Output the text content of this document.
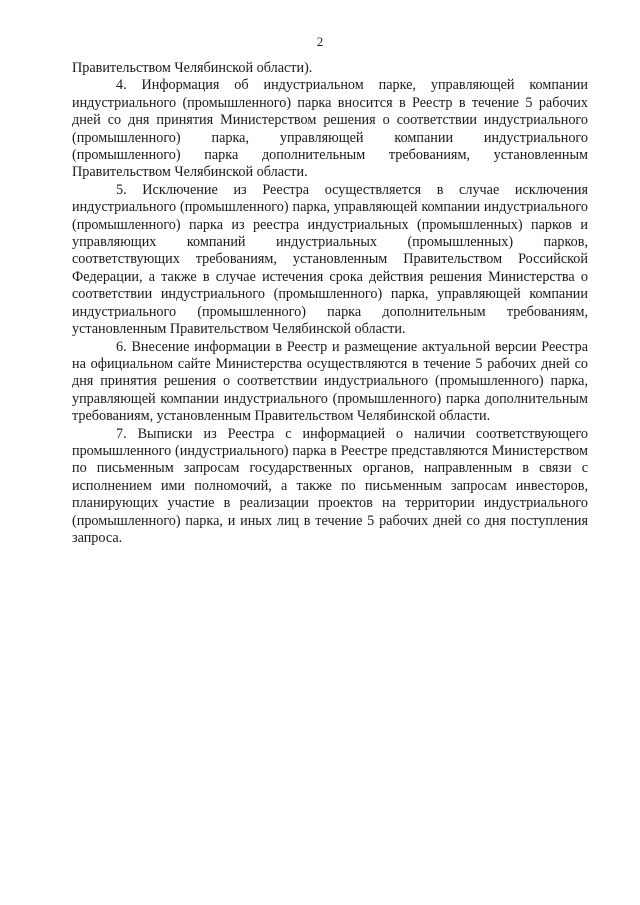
2

Правительством Челябинской области).

4. Информация об индустриальном парке, управляющей компании индустриального (промышленного) парка вносится в Реестр в течение 5 рабочих дней со дня принятия Министерством решения о соответствии индустриального (промышленного) парка, управляющей компании индустриального (промышленного) парка дополнительным требованиям, установленным Правительством Челябинской области.

5. Исключение из Реестра осуществляется в случае исключения индустриального (промышленного) парка, управляющей компании индустриального (промышленного) парка из реестра индустриальных (промышленных) парков и управляющих компаний индустриальных (промышленных) парков, соответствующих требованиям, установленным Правительством Российской Федерации, а также в случае истечения срока действия решения Министерства о соответствии индустриального (промышленного) парка, управляющей компании индустриального (промышленного) парка дополнительным требованиям, установленным Правительством Челябинской области.

6. Внесение информации в Реестр и размещение актуальной версии Реестра на официальном сайте Министерства осуществляются в течение 5 рабочих дней со дня принятия решения о соответствии индустриального (промышленного) парка, управляющей компании индустриального (промышленного) парка дополнительным требованиям, установленным Правительством Челябинской области.

7. Выписки из Реестра с информацией о наличии соответствующего промышленного (индустриального) парка в Реестре представляются Министерством по письменным запросам государственных органов, направленным в связи с исполнением ими полномочий, а также по письменным запросам инвесторов, планирующих участие в реализации проектов на территории индустриального (промышленного) парка, и иных лиц в течение 5 рабочих дней со дня поступления запроса.
